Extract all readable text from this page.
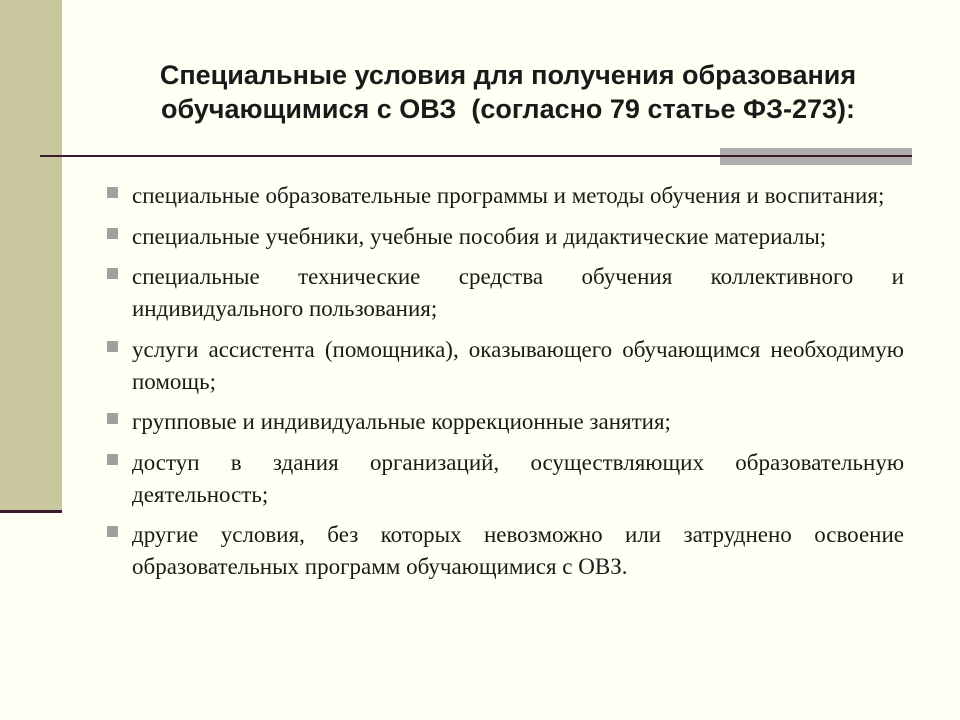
Специальные условия для получения образования
обучающимися с ОВЗ  (согласно 79 статье ФЗ-273):
специальные образовательные программы и методы обучения и воспитания;
специальные учебники, учебные пособия и дидактические материалы;
специальные технические средства обучения коллективного и индивидуального пользования;
услуги ассистента (помощника), оказывающего обучающимся необходимую помощь;
групповые и индивидуальные коррекционные занятия;
доступ в здания организаций, осуществляющих образовательную деятельность;
другие условия, без которых невозможно или затруднено освоение образовательных программ обучающимися с ОВЗ.
